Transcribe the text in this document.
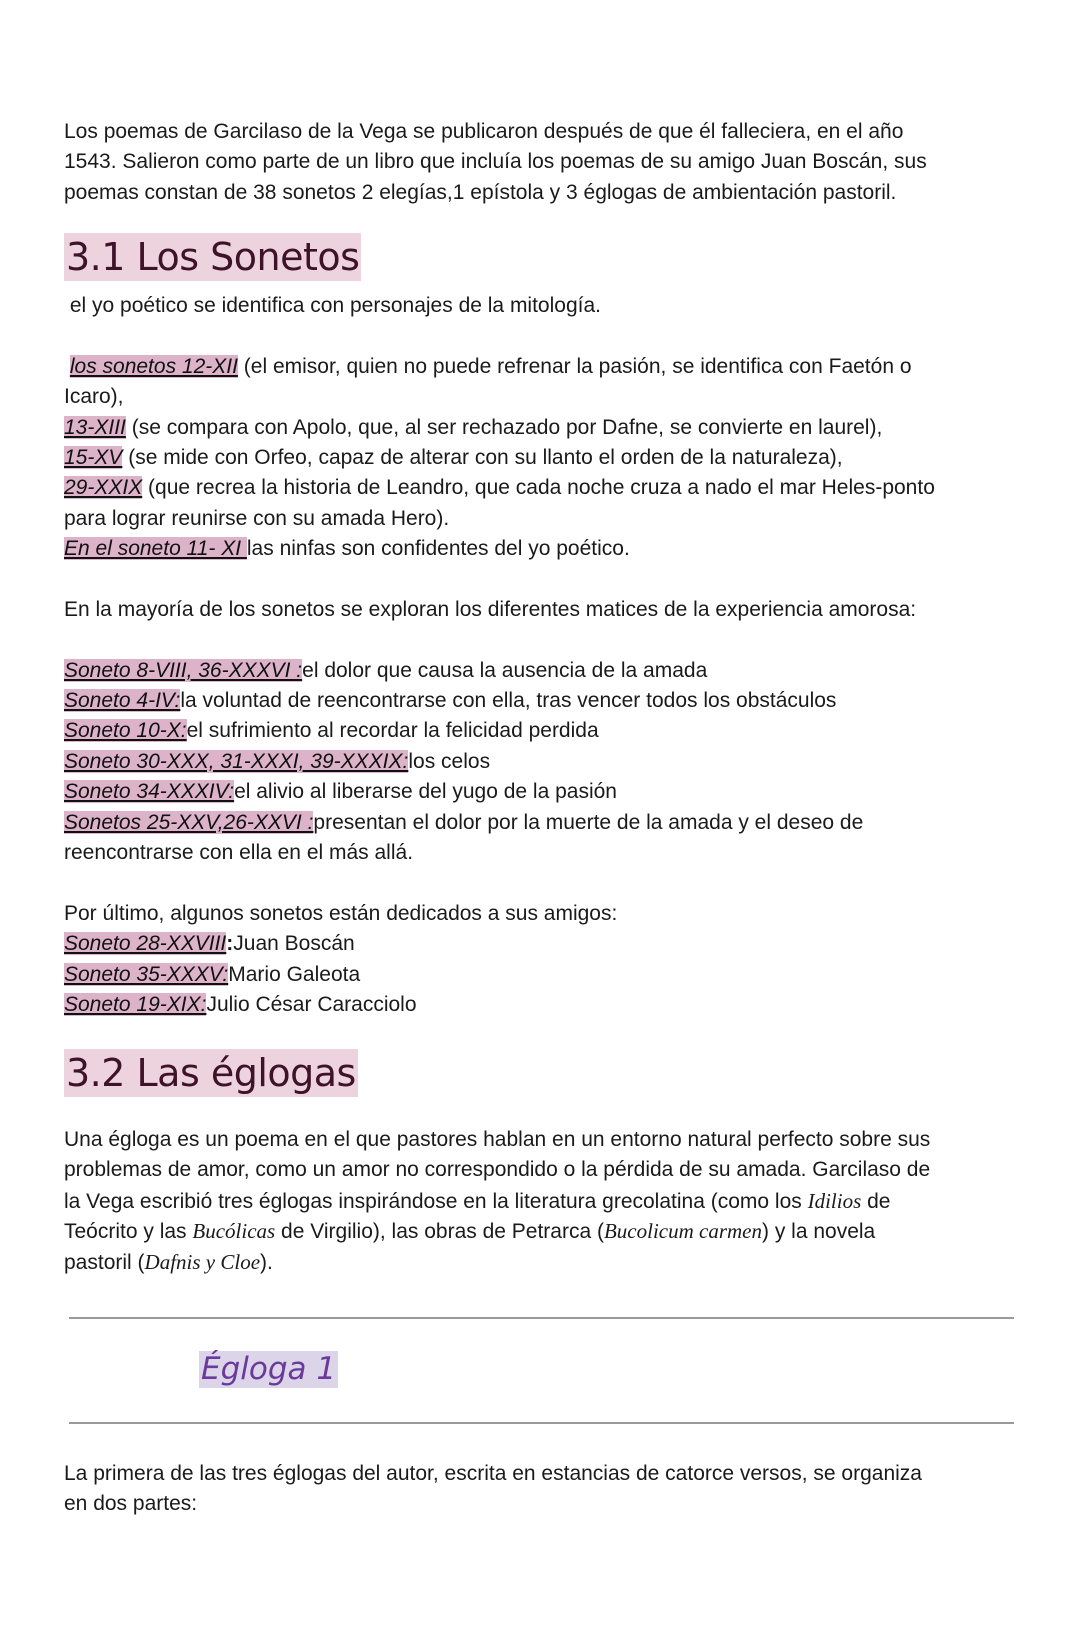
Los poemas de Garcilaso de la Vega se publicaron después de que él falleciera, en el año
1543. Salieron como parte de un libro que incluía los poemas de su amigo Juan Boscán, sus
poemas constan de 38 sonetos 2 elegías,1 epístola y 3 églogas de ambientación pastoril.
3.1 Los Sonetos
el yo poético se identifica con personajes de la mitología.
los sonetos 12-XII (el emisor, quien no puede refrenar la pasión, se identifica con Faetón o
Icaro),
13-XIII (se compara con Apolo, que, al ser rechazado por Dafne, se convierte en laurel),
15-XV (se mide con Orfeo, capaz de alterar con su llanto el orden de la naturaleza),
29-XXIX (que recrea la historia de Leandro, que cada noche cruza a nado el mar Heles-ponto
para lograr reunirse con su amada Hero).
En el soneto 11- XI las ninfas son confidentes del yo poético.
En la mayoría de los sonetos se exploran los diferentes matices de la experiencia amorosa:
Soneto 8-VIII, 36-XXXVI :el dolor que causa la ausencia de la amada
Soneto 4-IV:la voluntad de reencontrarse con ella, tras vencer todos los obstáculos
Soneto 10-X:el sufrimiento al recordar la felicidad perdida
Soneto 30-XXX, 31-XXXI, 39-XXXIX:los celos
Soneto 34-XXXIV:el alivio al liberarse del yugo de la pasión
Sonetos 25-XXV,26-XXVI :presentan el dolor por la muerte de la amada y el deseo de
reencontrarse con ella en el más allá.
Por último, algunos sonetos están dedicados a sus amigos:
Soneto 28-XXVIII:Juan Boscán
Soneto 35-XXXV:Mario Galeota
Soneto 19-XIX:Julio César Caracciolo
3.2 Las églogas
Una égloga es un poema en el que pastores hablan en un entorno natural perfecto sobre sus
problemas de amor, como un amor no correspondido o la pérdida de su amada. Garcilaso de
la Vega escribió tres églogas inspirándose en la literatura grecolatina (como los Idilios de
Teócrito y las Bucólicas de Virgilio), las obras de Petrarca (Bucolicum carmen) y la novela
pastoril (Dafnis y Cloe).
Égloga 1
La primera de las tres églogas del autor, escrita en estancias de catorce versos, se organiza
en dos partes:
